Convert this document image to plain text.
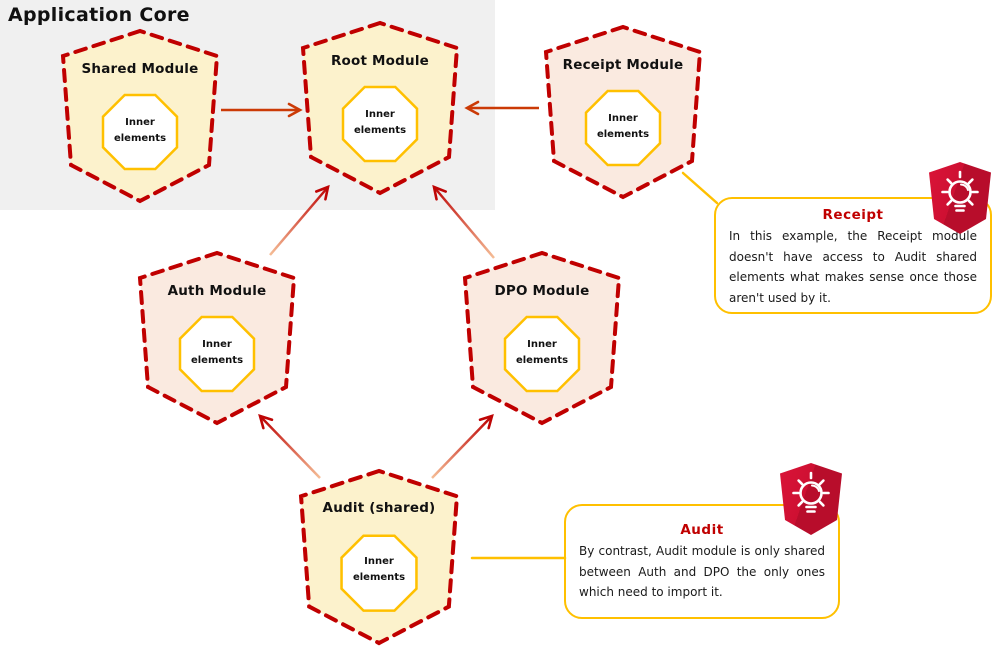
Application Core
Shared Module
Inner elements
Root Module
Inner elements
Receipt Module
Inner elements
Auth Module
Inner elements
DPO Module
Inner elements
Audit (shared)
Inner elements
Receipt
In this example, the Receipt module doesn't have access to Audit shared elements what makes sense once those aren't used by it.
Audit
By contrast, Audit module is only shared between Auth and DPO the only ones which need to import it.
